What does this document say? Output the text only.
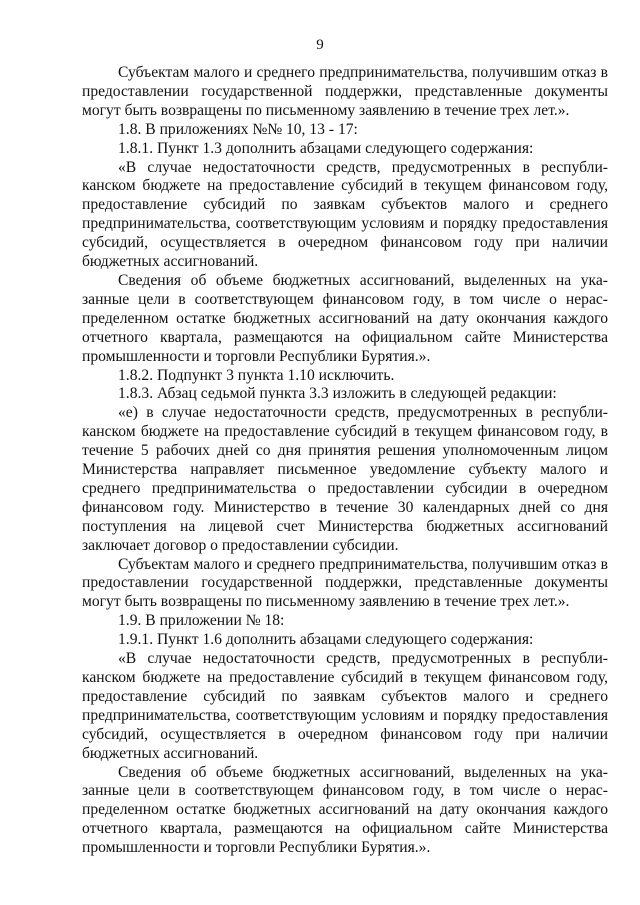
9

Субъектам малого и среднего предпринимательства, получившим отказ в предоставлении государственной поддержки, представленные документы могут быть возвращены по письменному заявлению в течение трех лет.».

1.8. В приложениях №№ 10, 13 - 17:

1.8.1. Пункт 1.3 дополнить абзацами следующего содержания:

«В случае недостаточности средств, предусмотренных в республиканском бюджете на предоставление субсидий в текущем финансовом году, предоставление субсидий по заявкам субъектов малого и среднего предпринимательства, соответствующим условиям и порядку предоставления субсидий, осуществляется в очередном финансовом году при наличии бюджетных ассигнований.

Сведения об объеме бюджетных ассигнований, выделенных на указанные цели в соответствующем финансовом году, в том числе о нераспределенном остатке бюджетных ассигнований на дату окончания каждого отчетного квартала, размещаются на официальном сайте Министерства промышленности и торговли Республики Бурятия.».

1.8.2. Подпункт 3 пункта 1.10 исключить.

1.8.3. Абзац седьмой пункта 3.3 изложить в следующей редакции:

«е) в случае недостаточности средств, предусмотренных в республиканском бюджете на предоставление субсидий в текущем финансовом году, в течение 5 рабочих дней со дня принятия решения уполномоченным лицом Министерства направляет письменное уведомление субъекту малого и среднего предпринимательства о предоставлении субсидии в очередном финансовом году. Министерство в течение 30 календарных дней со дня поступления на лицевой счет Министерства бюджетных ассигнований заключает договор о предоставлении субсидии.

Субъектам малого и среднего предпринимательства, получившим отказ в предоставлении государственной поддержки, представленные документы могут быть возвращены по письменному заявлению в течение трех лет.».

1.9. В приложении № 18:

1.9.1. Пункт 1.6 дополнить абзацами следующего содержания:

«В случае недостаточности средств, предусмотренных в республиканском бюджете на предоставление субсидий в текущем финансовом году, предоставление субсидий по заявкам субъектов малого и среднего предпринимательства, соответствующим условиям и порядку предоставления субсидий, осуществляется в очередном финансовом году при наличии бюджетных ассигнований.

Сведения об объеме бюджетных ассигнований, выделенных на указанные цели в соответствующем финансовом году, в том числе о нераспределенном остатке бюджетных ассигнований на дату окончания каждого отчетного квартала, размещаются на официальном сайте Министерства промышленности и торговли Республики Бурятия.».
